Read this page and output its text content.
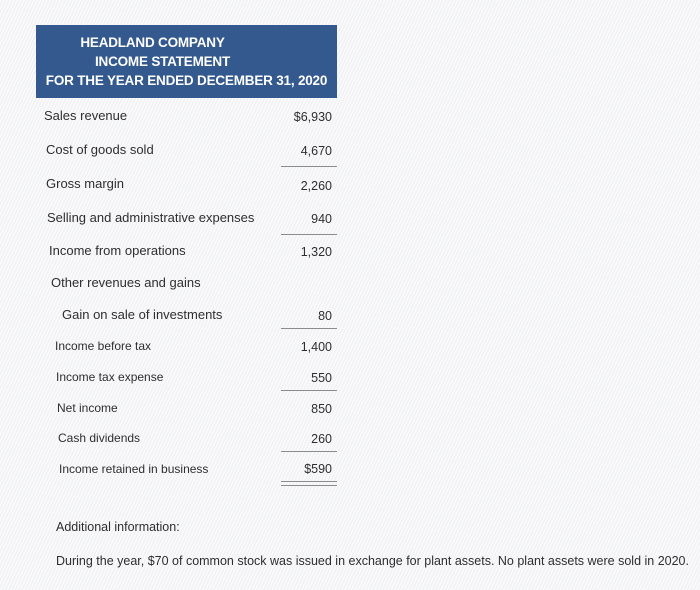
HEADLAND COMPANY
INCOME STATEMENT
FOR THE YEAR ENDED DECEMBER 31, 2020
Sales revenue	$6,930
Cost of goods sold	4,670
Gross margin	2,260
Selling and administrative expenses	940
Income from operations	1,320
Other revenues and gains
Gain on sale of investments	80
Income before tax	1,400
Income tax expense	550
Net income	850
Cash dividends	260
Income retained in business	$590
Additional information:
During the year, $70 of common stock was issued in exchange for plant assets. No plant assets were sold in 2020.
